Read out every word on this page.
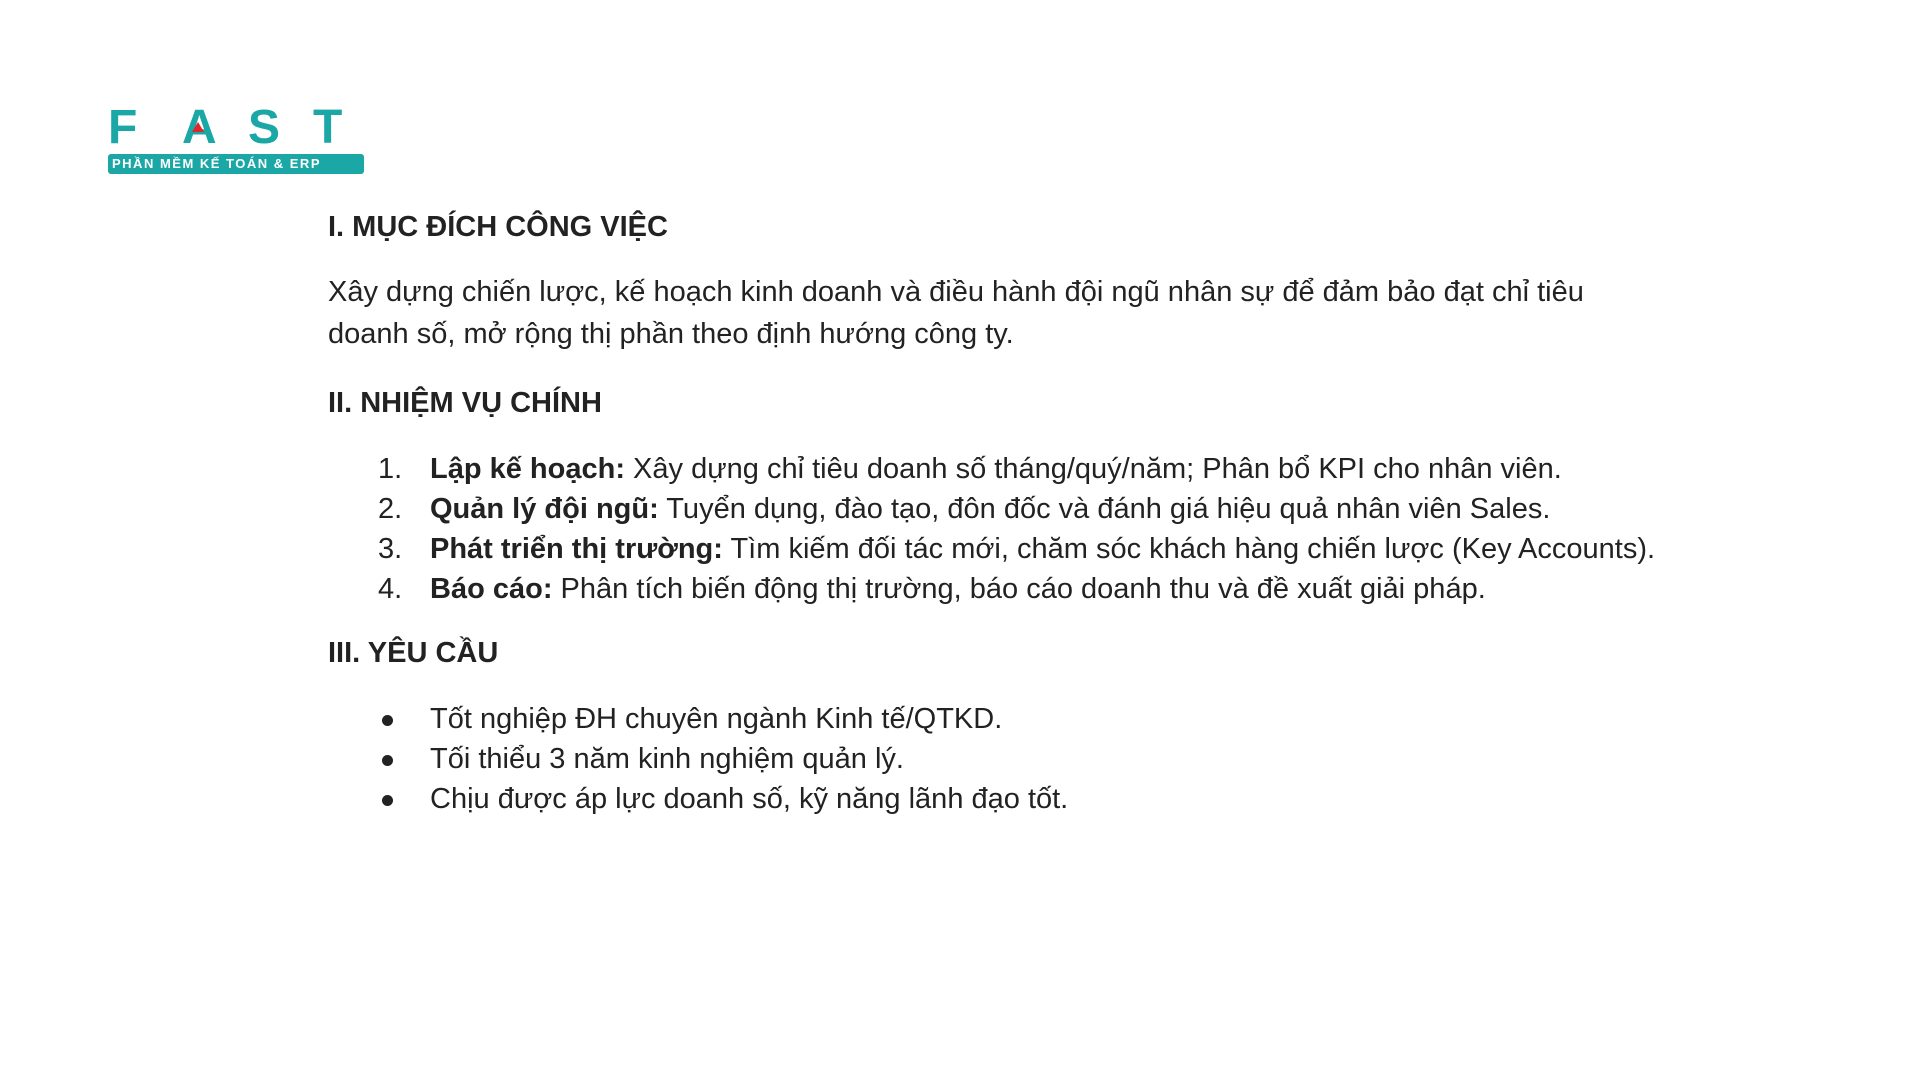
F A S T
PHẦN MỀM KẾ TOÁN & ERP
I. MỤC ĐÍCH CÔNG VIỆC

Xây dựng chiến lược, kế hoạch kinh doanh và điều hành đội ngũ nhân sự để đảm bảo đạt chỉ tiêu doanh số, mở rộng thị phần theo định hướng công ty.

II. NHIỆM VỤ CHÍNH
1. Lập kế hoạch: Xây dựng chỉ tiêu doanh số tháng/quý/năm; Phân bổ KPI cho nhân viên.
2. Quản lý đội ngũ: Tuyển dụng, đào tạo, đôn đốc và đánh giá hiệu quả nhân viên Sales.
3. Phát triển thị trường: Tìm kiếm đối tác mới, chăm sóc khách hàng chiến lược (Key Accounts).
4. Báo cáo: Phân tích biến động thị trường, báo cáo doanh thu và đề xuất giải pháp.
III. YÊU CẦU
Tốt nghiệp ĐH chuyên ngành Kinh tế/QTKD.
Tối thiểu 3 năm kinh nghiệm quản lý.
Chịu được áp lực doanh số, kỹ năng lãnh đạo tốt.
